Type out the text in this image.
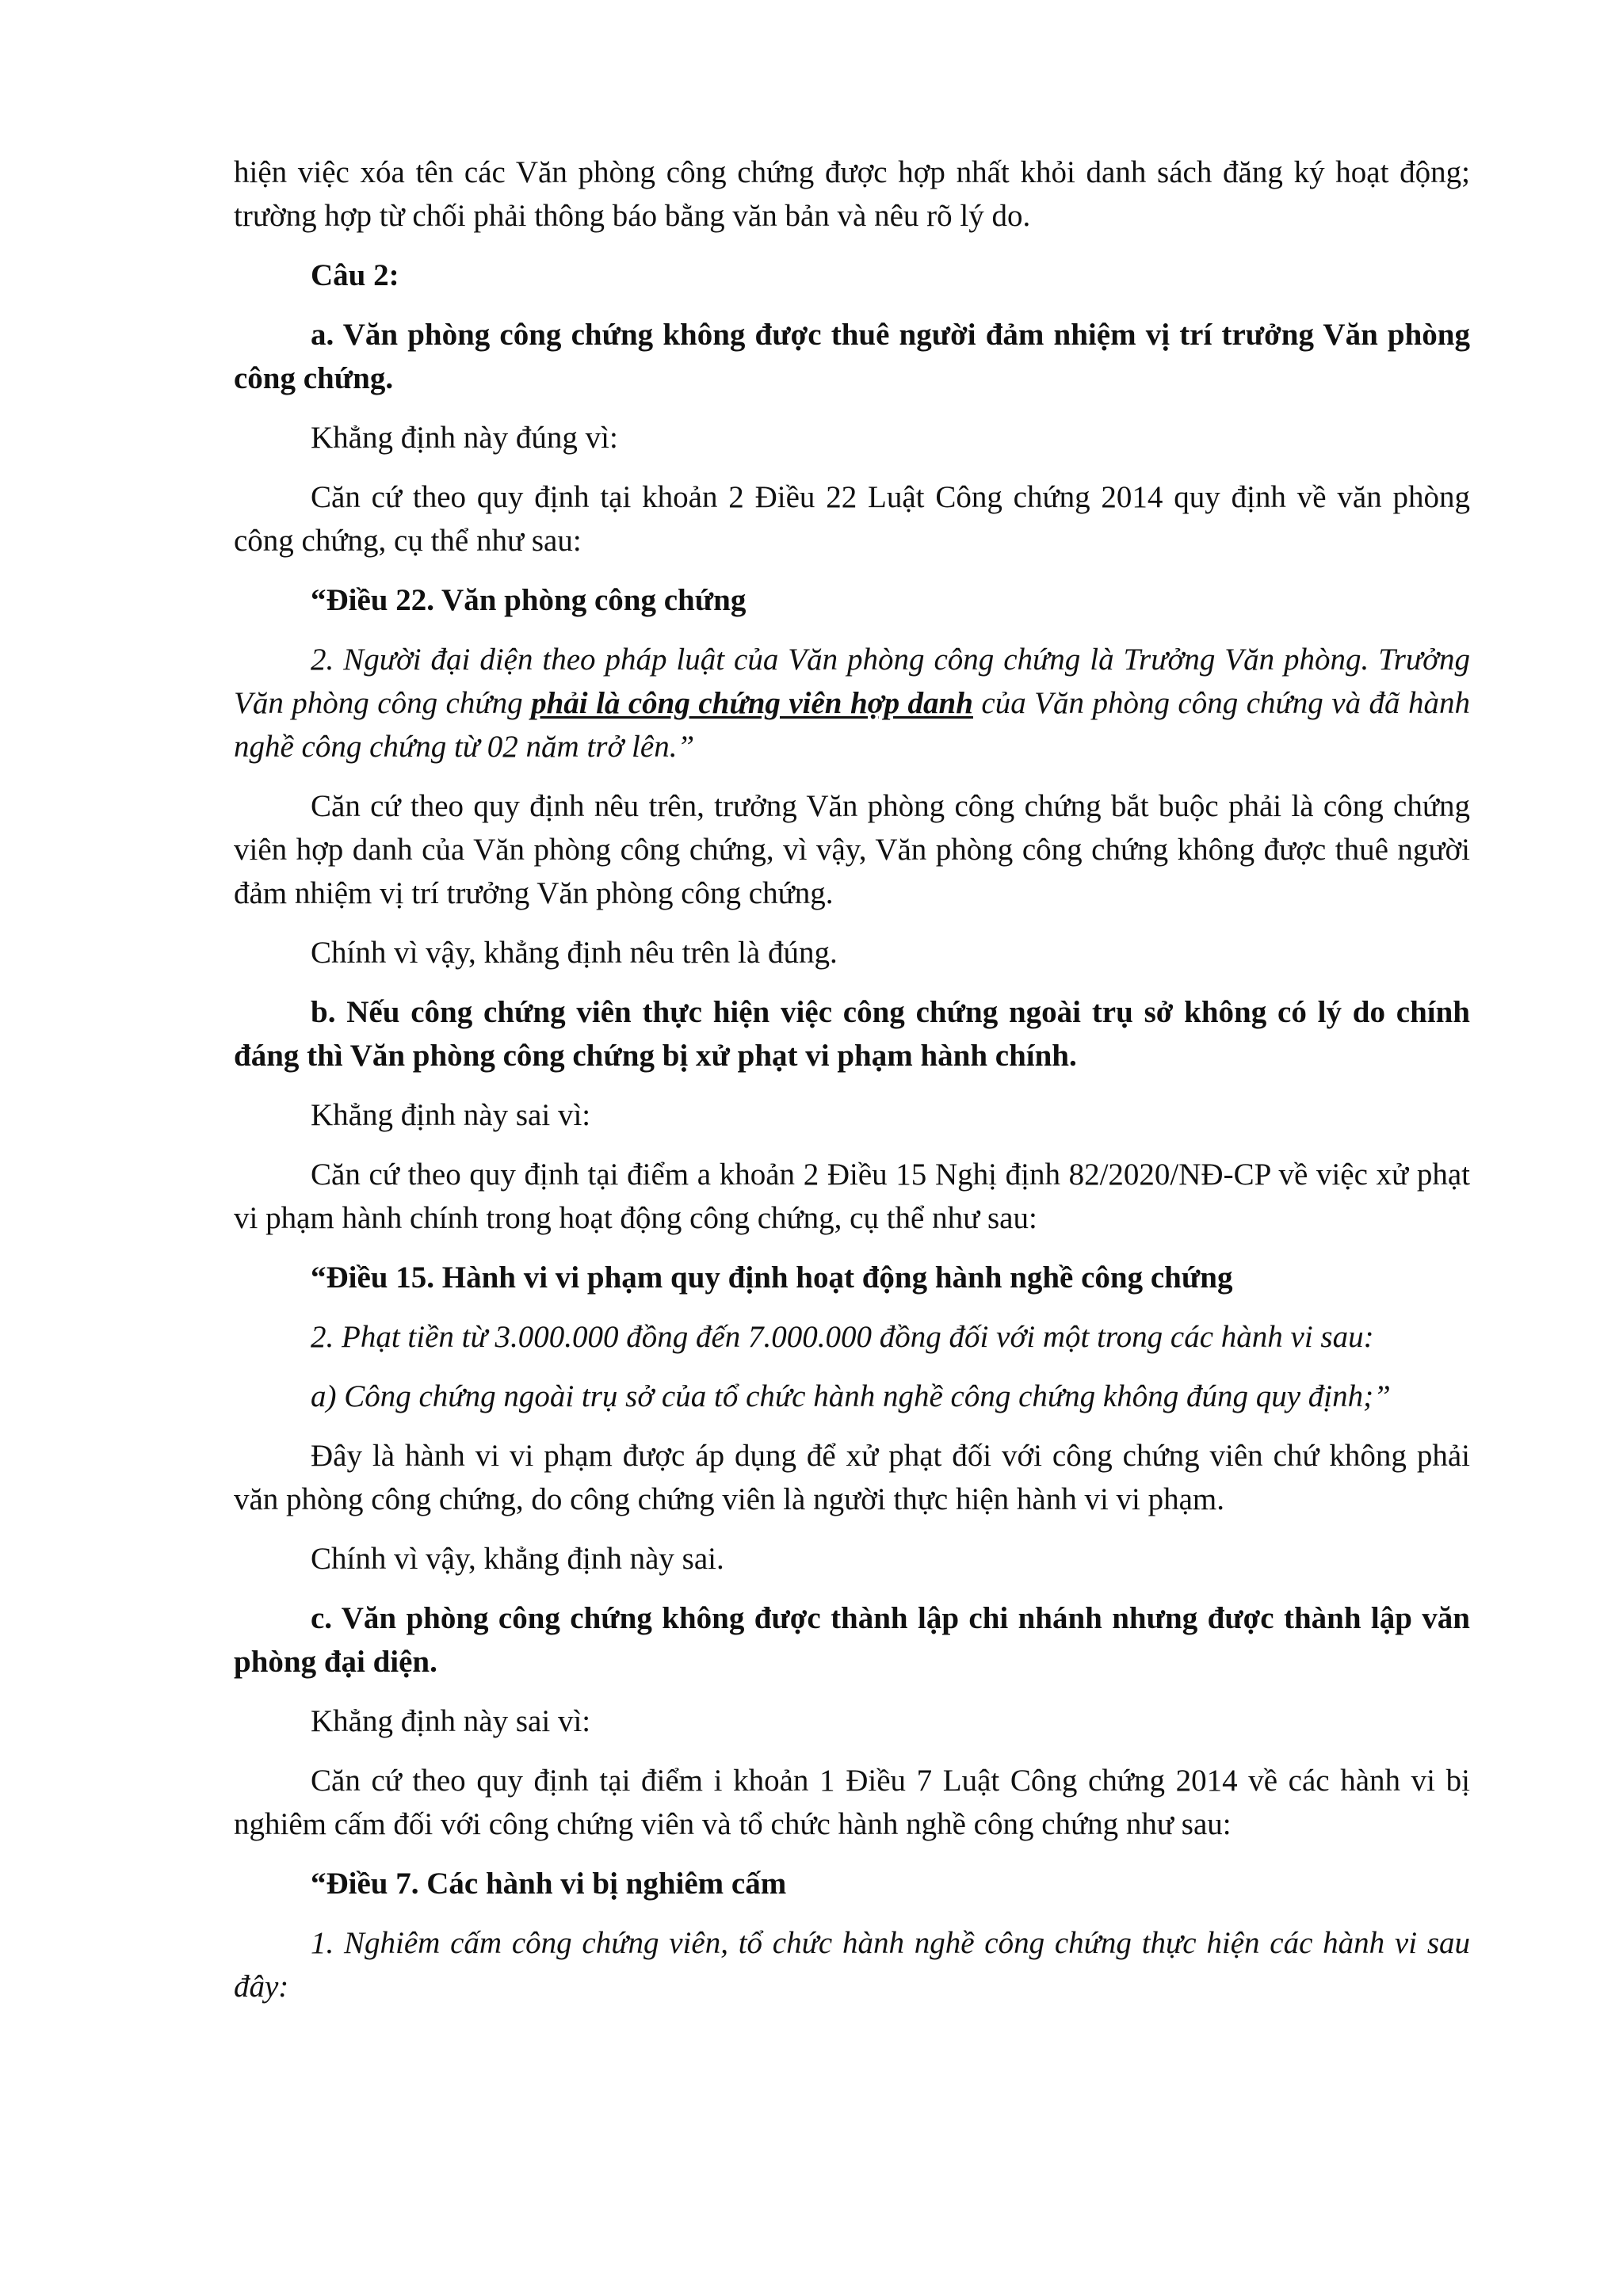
hiện việc xóa tên các Văn phòng công chứng được hợp nhất khỏi danh sách đăng ký hoạt động; trường hợp từ chối phải thông báo bằng văn bản và nêu rõ lý do.

Câu 2:

a. Văn phòng công chứng không được thuê người đảm nhiệm vị trí trưởng Văn phòng công chứng.

Khẳng định này đúng vì:

Căn cứ theo quy định tại khoản 2 Điều 22 Luật Công chứng 2014 quy định về văn phòng công chứng, cụ thể như sau:

“Điều 22. Văn phòng công chứng

2. Người đại diện theo pháp luật của Văn phòng công chứng là Trưởng Văn phòng. Trưởng Văn phòng công chứng phải là công chứng viên hợp danh của Văn phòng công chứng và đã hành nghề công chứng từ 02 năm trở lên.”

Căn cứ theo quy định nêu trên, trưởng Văn phòng công chứng bắt buộc phải là công chứng viên hợp danh của Văn phòng công chứng, vì vậy, Văn phòng công chứng không được thuê người đảm nhiệm vị trí trưởng Văn phòng công chứng.

Chính vì vậy, khẳng định nêu trên là đúng.

b. Nếu công chứng viên thực hiện việc công chứng ngoài trụ sở không có lý do chính đáng thì Văn phòng công chứng bị xử phạt vi phạm hành chính.

Khẳng định này sai vì:

Căn cứ theo quy định tại điểm a khoản 2 Điều 15 Nghị định 82/2020/NĐ-CP về việc xử phạt vi phạm hành chính trong hoạt động công chứng, cụ thể như sau:

“Điều 15. Hành vi vi phạm quy định hoạt động hành nghề công chứng

2. Phạt tiền từ 3.000.000 đồng đến 7.000.000 đồng đối với một trong các hành vi sau:

a) Công chứng ngoài trụ sở của tổ chức hành nghề công chứng không đúng quy định;”

Đây là hành vi vi phạm được áp dụng để xử phạt đối với công chứng viên chứ không phải văn phòng công chứng, do công chứng viên là người thực hiện hành vi vi phạm.

Chính vì vậy, khẳng định này sai.

c. Văn phòng công chứng không được thành lập chi nhánh nhưng được thành lập văn phòng đại diện.

Khẳng định này sai vì:

Căn cứ theo quy định tại điểm i khoản 1 Điều 7 Luật Công chứng 2014 về các hành vi bị nghiêm cấm đối với công chứng viên và tổ chức hành nghề công chứng như sau:

“Điều 7. Các hành vi bị nghiêm cấm

1. Nghiêm cấm công chứng viên, tổ chức hành nghề công chứng thực hiện các hành vi sau đây:
